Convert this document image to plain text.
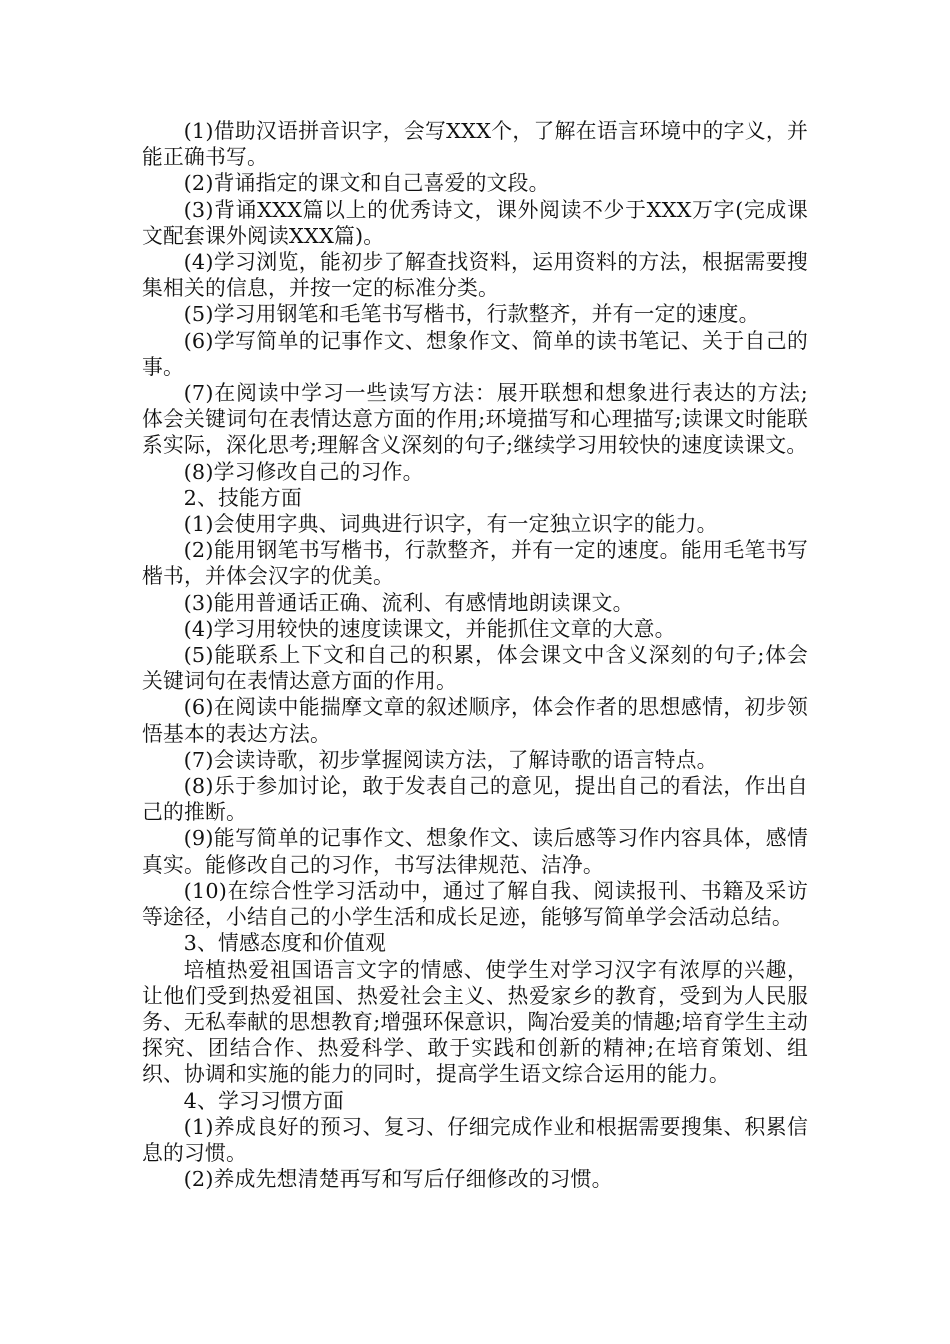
(1)借助汉语拼音识字，会写XXX个，了解在语言环境中的字义，并能正确书写。

(2)背诵指定的课文和自己喜爱的文段。

(3)背诵XXX篇以上的优秀诗文，课外阅读不少于XXX万字(完成课文配套课外阅读XXX篇)。

(4)学习浏览，能初步了解查找资料，运用资料的方法，根据需要搜集相关的信息，并按一定的标准分类。

(5)学习用钢笔和毛笔书写楷书，行款整齐，并有一定的速度。

(6)学写简单的记事作文、想象作文、简单的读书笔记、关于自己的事。

(7)在阅读中学习一些读写方法：展开联想和想象进行表达的方法;体会关键词句在表情达意方面的作用;环境描写和心理描写;读课文时能联系实际，深化思考;理解含义深刻的句子;继续学习用较快的速度读课文。

(8)学习修改自己的习作。

2、技能方面

(1)会使用字典、词典进行识字，有一定独立识字的能力。

(2)能用钢笔书写楷书，行款整齐，并有一定的速度。能用毛笔书写楷书，并体会汉字的优美。

(3)能用普通话正确、流利、有感情地朗读课文。

(4)学习用较快的速度读课文，并能抓住文章的大意。

(5)能联系上下文和自己的积累，体会课文中含义深刻的句子;体会关键词句在表情达意方面的作用。

(6)在阅读中能揣摩文章的叙述顺序，体会作者的思想感情，初步领悟基本的表达方法。

(7)会读诗歌，初步掌握阅读方法，了解诗歌的语言特点。

(8)乐于参加讨论，敢于发表自己的意见，提出自己的看法，作出自己的推断。

(9)能写简单的记事作文、想象作文、读后感等习作内容具体，感情真实。能修改自己的习作，书写法律规范、洁净。

(10)在综合性学习活动中，通过了解自我、阅读报刊、书籍及采访等途径，小结自己的小学生活和成长足迹，能够写简单学会活动总结。

3、情感态度和价值观

培植热爱祖国语言文字的情感、使学生对学习汉字有浓厚的兴趣，让他们受到热爱祖国、热爱社会主义、热爱家乡的教育，受到为人民服务、无私奉献的思想教育;增强环保意识，陶冶爱美的情趣;培育学生主动探究、团结合作、热爱科学、敢于实践和创新的精神;在培育策划、组织、协调和实施的能力的同时，提高学生语文综合运用的能力。

4、学习习惯方面

(1)养成良好的预习、复习、仔细完成作业和根据需要搜集、积累信息的习惯。

(2)养成先想清楚再写和写后仔细修改的习惯。
